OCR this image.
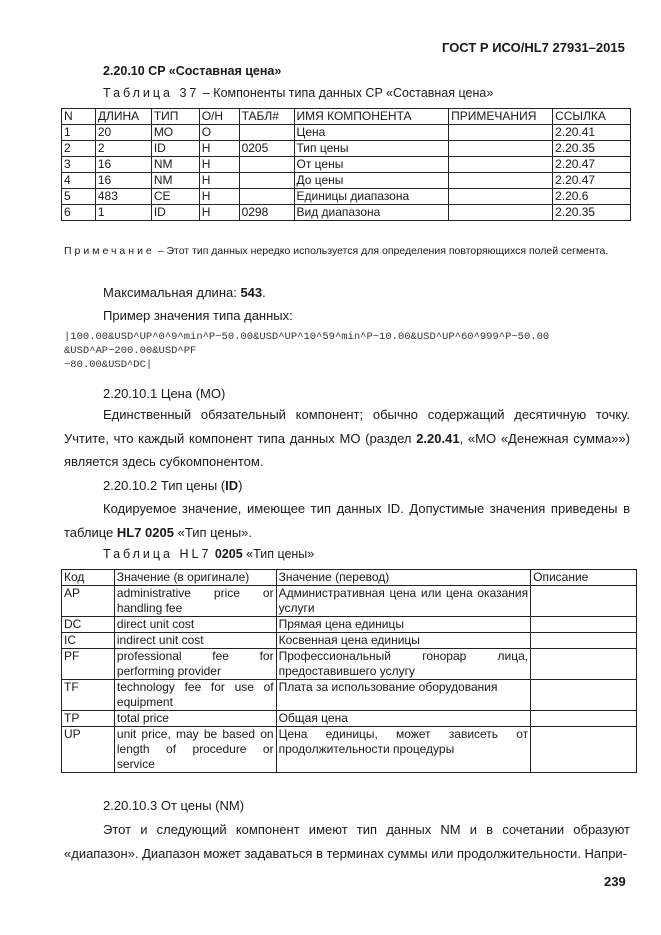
ГОСТ Р ИСО/HL7 27931–2015
2.20.10 CP «Составная цена»
Таблица 37 – Компоненты типа данных CP «Составная цена»
N	ДЛИНА	ТИП	О/Н	ТАБЛ#	ИМЯ КОМПОНЕНТА	ПРИМЕЧАНИЯ	ССЫЛКА
1	20	MO	О		Цена		2.20.41
2	2	ID	Н	0205	Тип цены		2.20.35
3	16	NM	Н		От цены		2.20.47
4	16	NM	Н		До цены		2.20.47
5	483	CE	Н		Единицы диапазона		2.20.6
6	1	ID	Н	0298	Вид диапазона		2.20.35
Примечание – Этот тип данных нередко используется для определения повторяющихся полей сегмента.
Максимальная длина: 543.
Пример значения типа данных:
|100.00&USD^UP^0^9^min^P~50.00&USD^UP^10^59^min^P~10.00&USD^UP^60^999^P~50.00
&USD^AP~200.00&USD^PF
~80.00&USD^DC|
2.20.10.1 Цена (MO)
Единственный обязательный компонент; обычно содержащий десятичную точку. Учтите, что каждый компонент типа данных MO (раздел 2.20.41, «MO «Денежная сумма»») является здесь субкомпонентом.
2.20.10.2 Тип цены (ID)
Кодируемое значение, имеющее тип данных ID. Допустимые значения приведены в таблице HL7 0205 «Тип цены».
Таблица HL7 0205 «Тип цены»
Код	Значение (в оригинале)	Значение (перевод)	Описание
AP	administrative price or handling fee	Административная цена или цена оказания услуги	
DC	direct unit cost	Прямая цена единицы	
IC	indirect unit cost	Косвенная цена единицы	
PF	professional fee for performing provider	Профессиональный гонорар лица, предоставившего услугу	
TF	technology fee for use of equipment	Плата за использование оборудования	
TP	total price	Общая цена	
UP	unit price, may be based on length of procedure or service	Цена единицы, может зависеть от продолжительности процедуры	
2.20.10.3 От цены (NM)
Этот и следующий компонент имеют тип данных NM и в сочетании образуют «диапазон». Диапазон может задаваться в терминах суммы или продолжительности. Напри-
239
